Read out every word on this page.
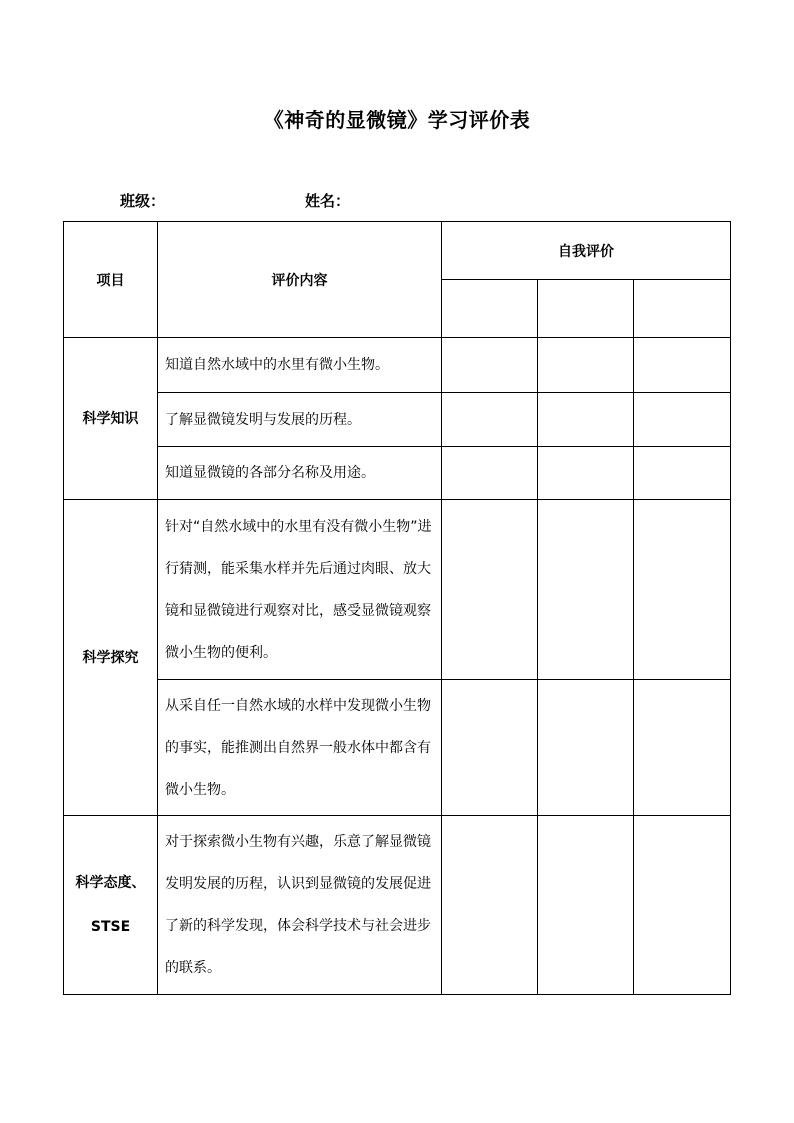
《神奇的显微镜》学习评价表
班级：	姓名：
项目	评价内容	自我评价		

科学知识	知道自然水域中的水里有微小生物。			
	了解显微镜发明与发展的历程。			
	知道显微镜的各部分名称及用途。			
科学探究	针对“自然水域中的水里有没有微小生物”进行猜测，能采集水样并先后通过肉眼、放大镜和显微镜进行观察对比，感受显微镜观察微小生物的便利。			
	从采自任一自然水域的水样中发现微小生物的事实，能推测出自然界一般水体中都含有微小生物。			

科学态度、
STSE	对于探索微小生物有兴趣，乐意了解显微镜发明发展的历程，认识到显微镜的发展促进了新的科学发现，体会科学技术与社会进步的联系。			
